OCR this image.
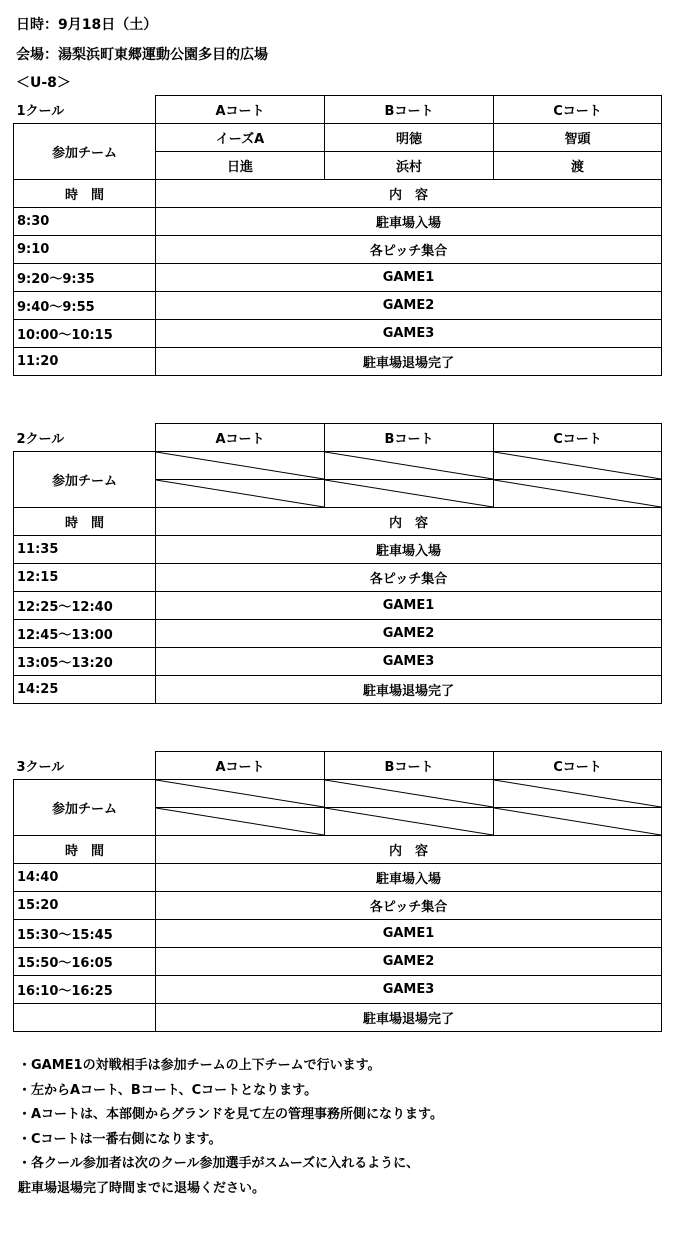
日時：9月18日（土）
会場：湯梨浜町東郷運動公園多目的広場
＜U-8＞
1クール	Aコート	Bコート	Cコート
参加チーム	イーズA	明徳	智頭
	日進	浜村	渡
時　間	内　容		
8:30	駐車場入場		
9:10	各ピッチ集合		
9:20～9:35	GAME1		
9:40～9:55	GAME2		
10:00～10:15	GAME3		
11:20	駐車場退場完了		
2クール	Aコート	Bコート	Cコート
参加チーム	

時　間	内　容		
11:35	駐車場入場		
12:15	各ピッチ集合		
12:25～12:40	GAME1		
12:45～13:00	GAME2		
13:05～13:20	GAME3		
14:25	駐車場退場完了		
3クール	Aコート	Bコート	Cコート
参加チーム	

時　間	内　容		
14:40	駐車場入場		
15:20	各ピッチ集合		
15:30～15:45	GAME1		
15:50～16:05	GAME2		
16:10～16:25	GAME3		
	駐車場退場完了		
・GAME1の対戦相手は参加チームの上下チームで行います。
・左からAコート、Bコート、Cコートとなります。
・Aコートは、本部側からグランドを見て左の管理事務所側になります。
・Cコートは一番右側になります。
・各クール参加者は次のクール参加選手がスムーズに入れるように、
駐車場退場完了時間までに退場ください。
